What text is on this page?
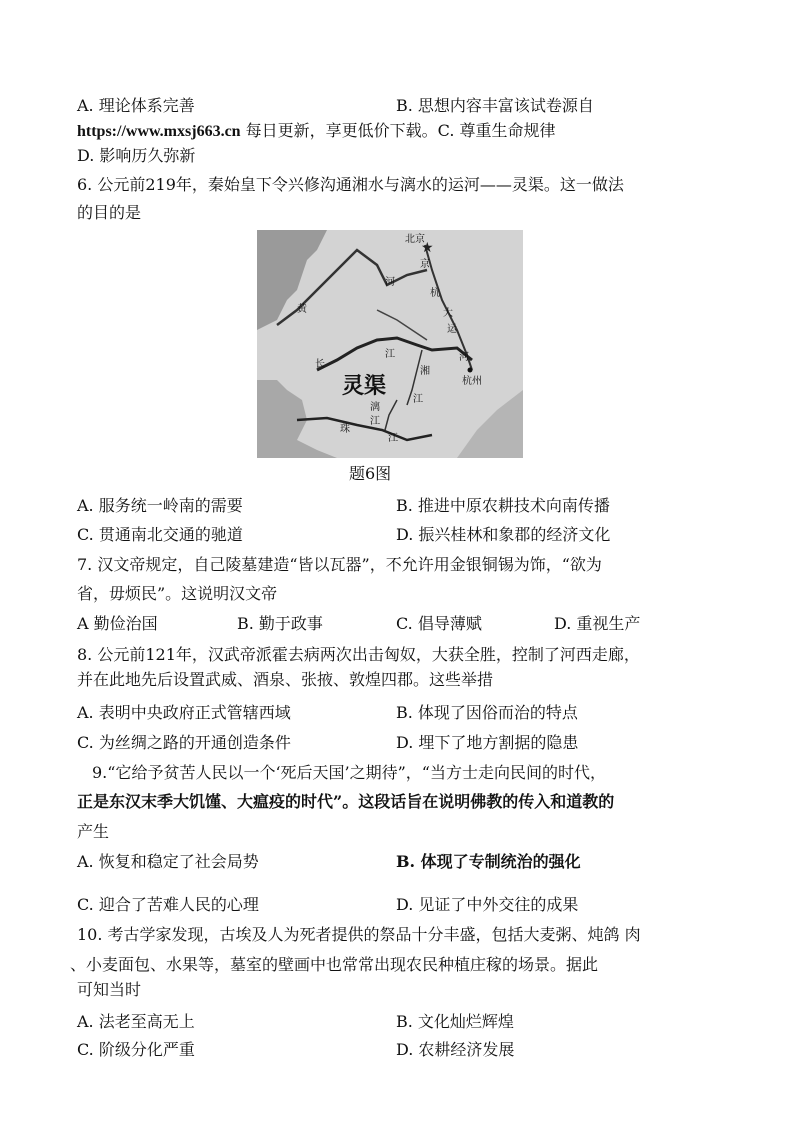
A. 理论体系完善	B. 思想内容丰富该试卷源自
https://www.mxsj663.cn 每日更新，享更低价下载。C. 尊重生命规律
D. 影响历久弥新
6. 公元前219年，秦始皇下令兴修沟通湘水与漓水的运河——灵渠。这一做法
的目的是
★
北京
黄
河
京
杭
大
运
河
杭州
长
江
灵渠
湘
江
漓
江
珠
江
题6图
A. 服务统一岭南的需要	B. 推进中原农耕技术向南传播
C. 贯通南北交通的驰道	D. 振兴桂林和象郡的经济文化
7. 汉文帝规定，自己陵墓建造“皆以瓦器”，不允许用金银铜锡为饰，“欲为
省，毋烦民”。这说明汉文帝
A 勤俭治国	B. 勤于政事	C. 倡导薄赋	D. 重视生产
8. 公元前121年，汉武帝派霍去病两次出击匈奴，大获全胜，控制了河西走廊，
并在此地先后设置武威、酒泉、张掖、敦煌四郡。这些举措
A. 表明中央政府正式管辖西域	B. 体现了因俗而治的特点
C. 为丝绸之路的开通创造条件	D. 埋下了地方割据的隐患
9.“它给予贫苦人民以一个‘死后天国’之期待”，“当方士走向民间的时代，
正是东汉末季大饥馑、大瘟疫的时代”。这段话旨在说明佛教的传入和道教的
产生
A. 恢复和稳定了社会局势	B. 体现了专制统治的强化
C. 迎合了苦难人民的心理	D. 见证了中外交往的成果
10. 考古学家发现，古埃及人为死者提供的祭品十分丰盛，包括大麦粥、炖鸽 肉
、小麦面包、水果等，墓室的壁画中也常常出现农民种植庄稼的场景。据此
可知当时
A. 法老至高无上	B. 文化灿烂辉煌
C. 阶级分化严重	D. 农耕经济发展
